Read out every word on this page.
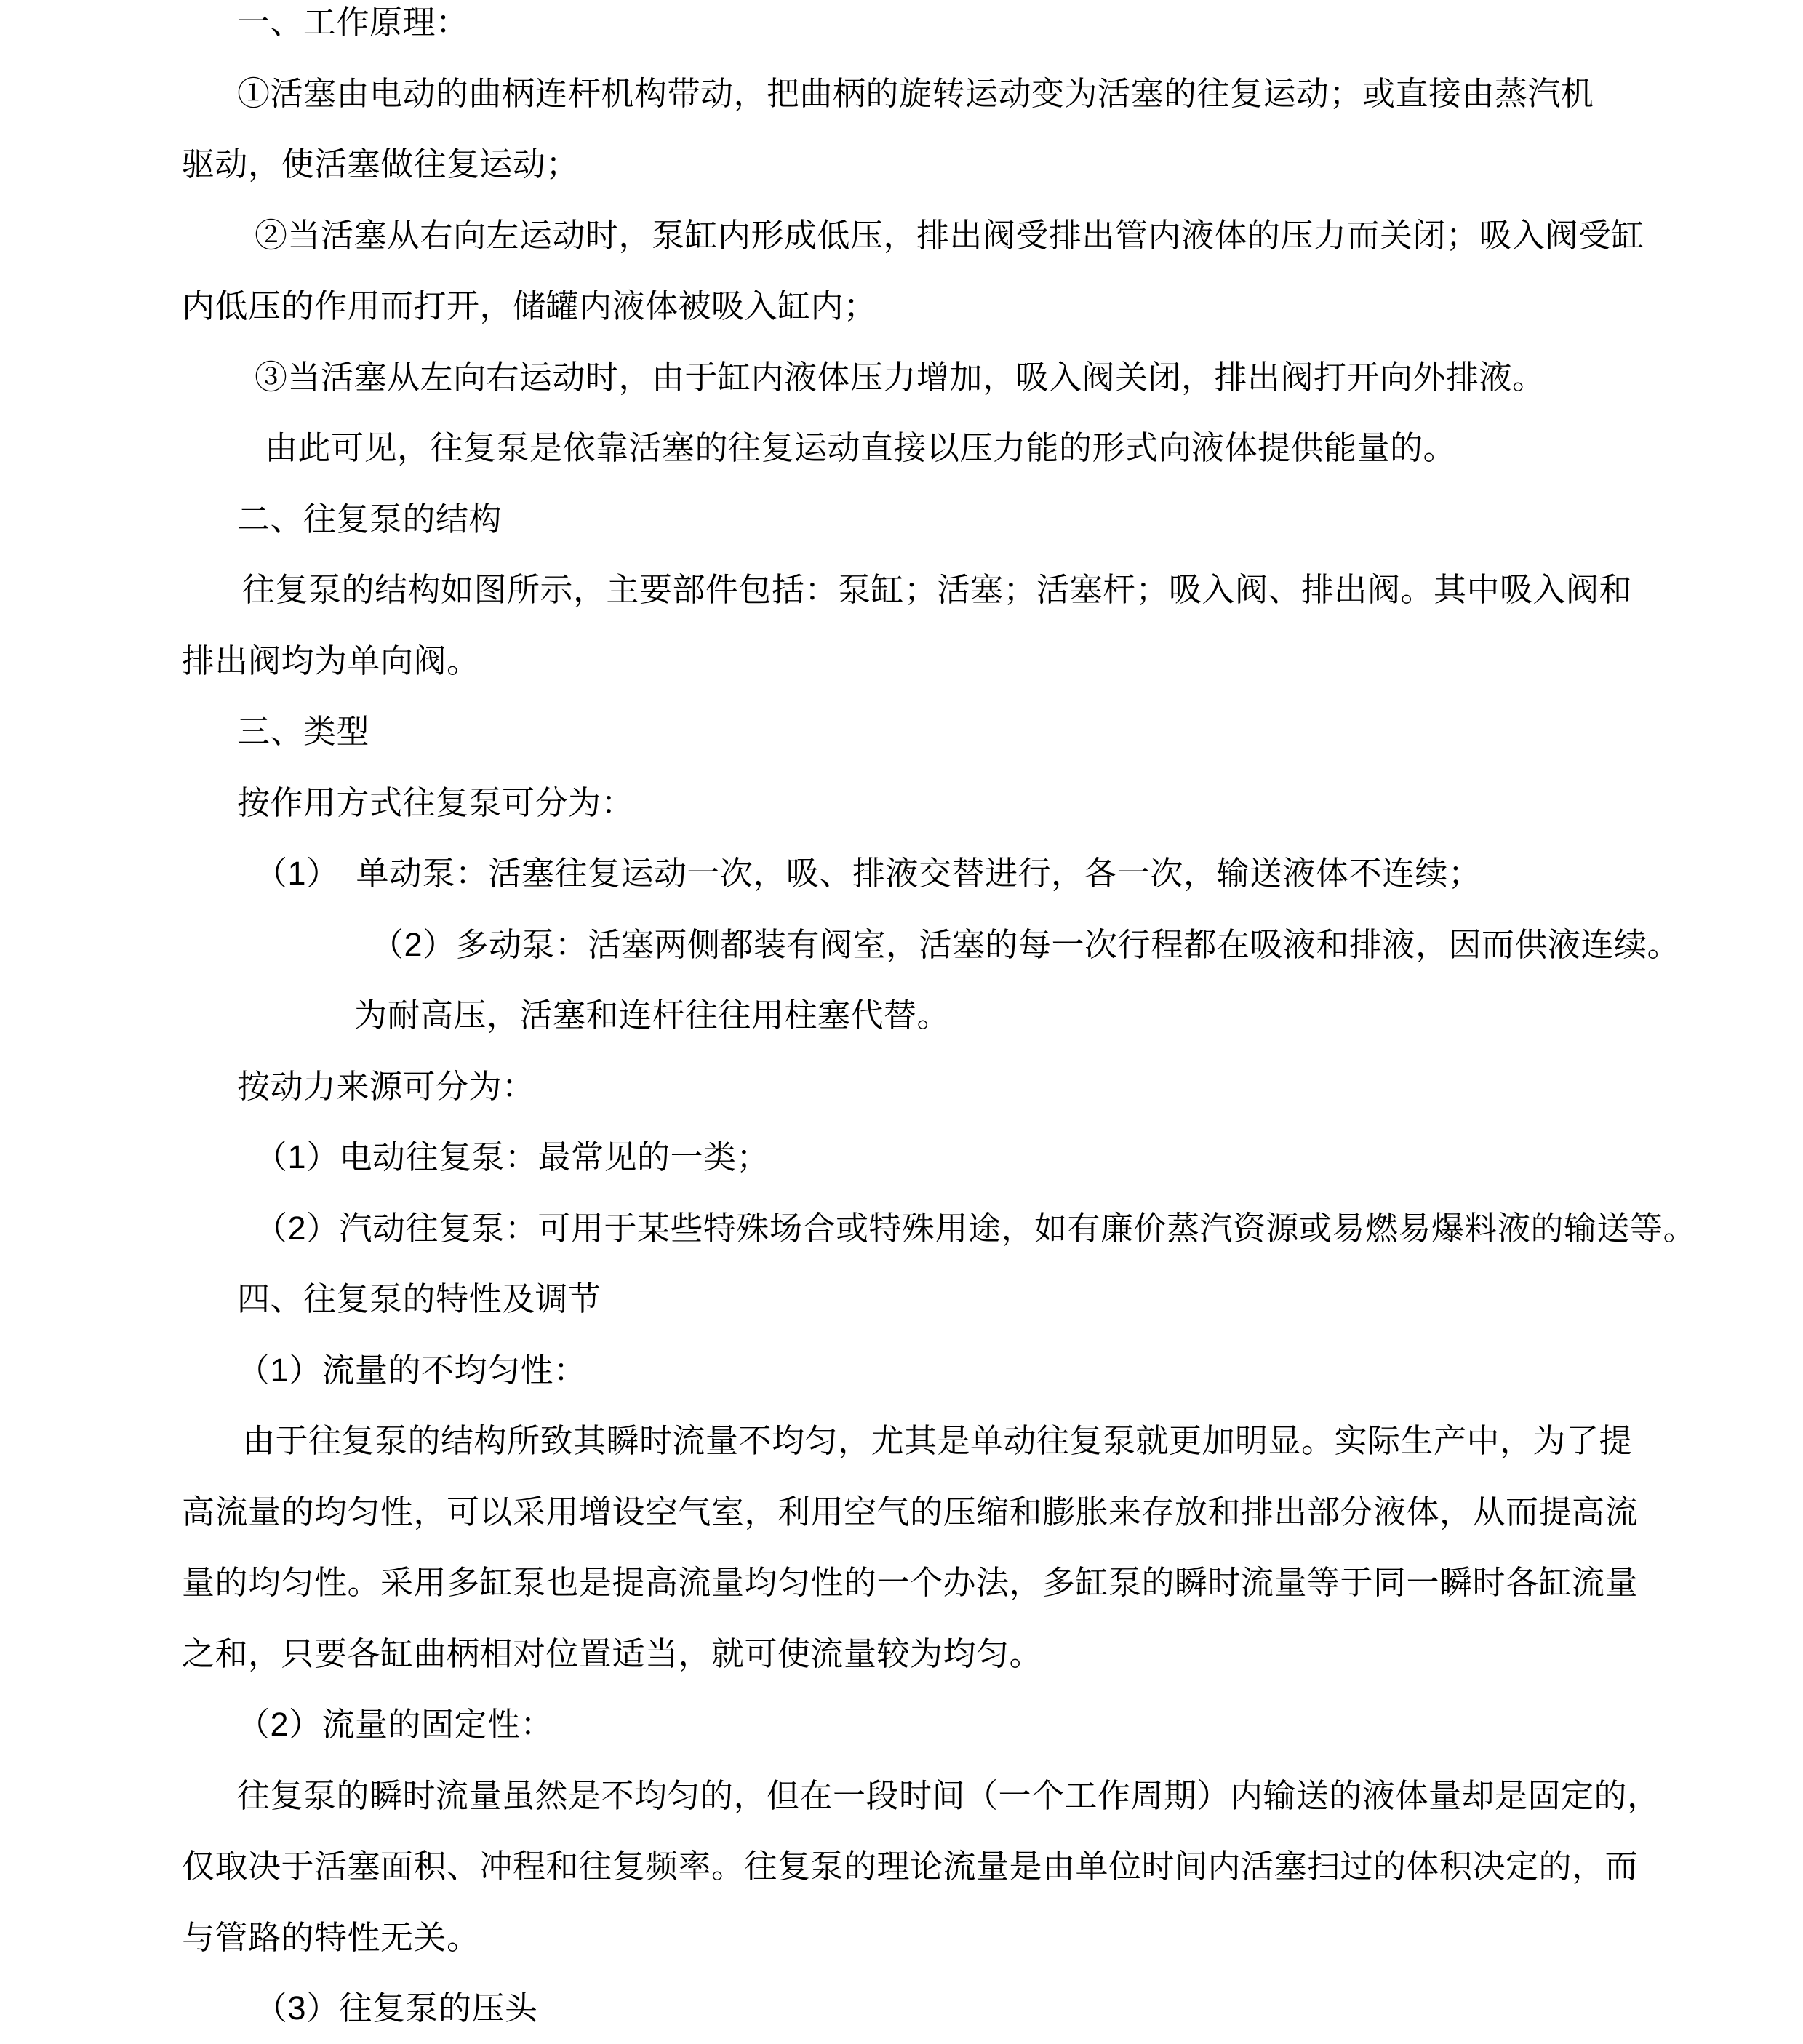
一、工作原理：
①活塞由电动的曲柄连杆机构带动，把曲柄的旋转运动变为活塞的往复运动；或直接由蒸汽机
驱动，使活塞做往复运动；
②当活塞从右向左运动时，泵缸内形成低压，排出阀受排出管内液体的压力而关闭；吸入阀受缸
内低压的作用而打开，储罐内液体被吸入缸内；
③当活塞从左向右运动时，由于缸内液体压力增加，吸入阀关闭，排出阀打开向外排液。
由此可见，往复泵是依靠活塞的往复运动直接以压力能的形式向液体提供能量的。
二、往复泵的结构
往复泵的结构如图所示，主要部件包括：泵缸；活塞；活塞杆；吸入阀、排出阀。其中吸入阀和
排出阀均为单向阀。
三、类型
按作用方式往复泵可分为：
（1）　单动泵：活塞往复运动一次，吸、排液交替进行，各一次，输送液体不连续；
（2）多动泵：活塞两侧都装有阀室，活塞的每一次行程都在吸液和排液，因而供液连续。
为耐高压，活塞和连杆往往用柱塞代替。
按动力来源可分为：
（1）电动往复泵：最常见的一类；
（2）汽动往复泵：可用于某些特殊场合或特殊用途，如有廉价蒸汽资源或易燃易爆料液的输送等。
四、往复泵的特性及调节
（1）流量的不均匀性：
由于往复泵的结构所致其瞬时流量不均匀，尤其是单动往复泵就更加明显。实际生产中，为了提
高流量的均匀性，可以采用增设空气室，利用空气的压缩和膨胀来存放和排出部分液体，从而提高流
量的均匀性。采用多缸泵也是提高流量均匀性的一个办法，多缸泵的瞬时流量等于同一瞬时各缸流量
之和，只要各缸曲柄相对位置适当，就可使流量较为均匀。
（2）流量的固定性：
往复泵的瞬时流量虽然是不均匀的，但在一段时间（一个工作周期）内输送的液体量却是固定的，
仅取决于活塞面积、冲程和往复频率。往复泵的理论流量是由单位时间内活塞扫过的体积决定的，而
与管路的特性无关。
（3）往复泵的压头
